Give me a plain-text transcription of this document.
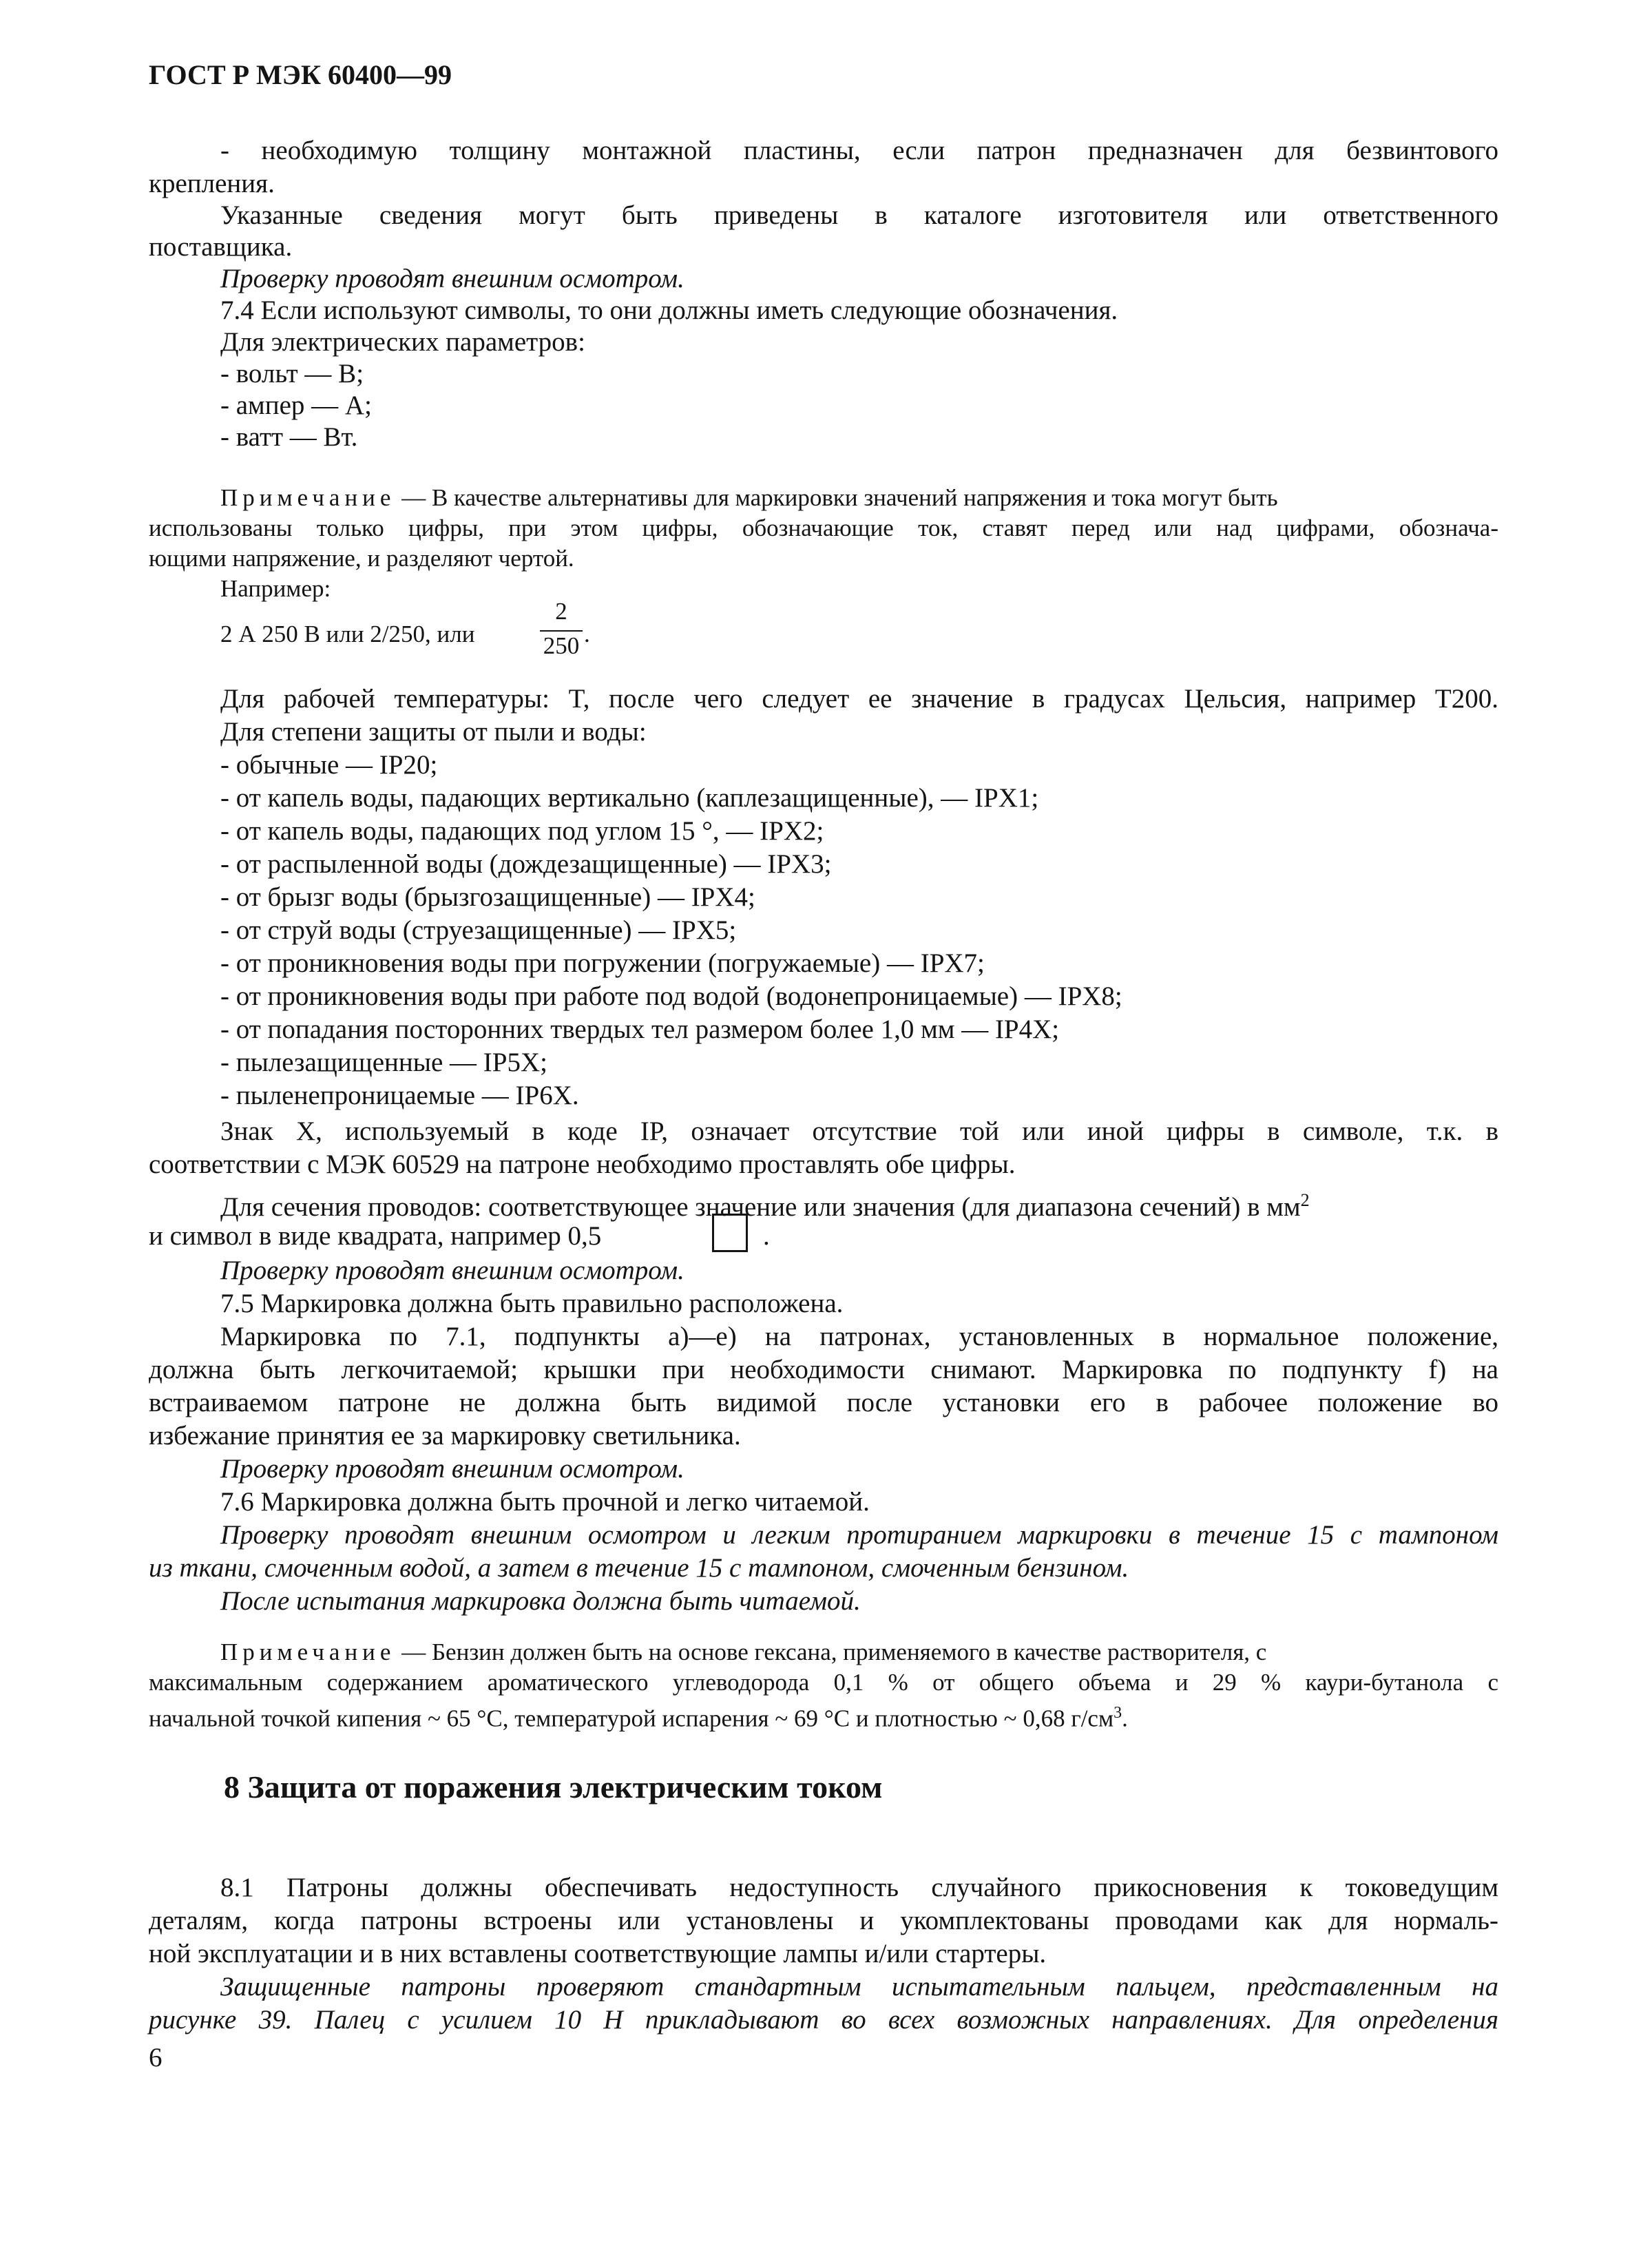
ГОСТ Р МЭК 60400—99
- необходимую толщину монтажной пластины, если патрон предназначен для безвинтового
крепления.
Указанные сведения могут быть приведены в каталоге изготовителя или ответственного
поставщика.
Проверку проводят внешним осмотром.
7.4 Если используют символы, то они должны иметь следующие обозначения.
Для электрических параметров:
- вольт — В;
- ампер — А;
- ватт — Вт.
Примечание — В качестве альтернативы для маркировки значений напряжения и тока могут быть
использованы только цифры, при этом цифры, обозначающие ток, ставят перед или над цифрами, обознача-
ющими напряжение, и разделяют чертой.
Например:
2 А 250 В или 2/250, или
2
250 .
Для рабочей температуры: T, после чего следует ее значение в градусах Цельсия, например T200.
Для степени защиты от пыли и воды:
- обычные — IP20;
- от капель воды, падающих вертикально (каплезащищенные), — IPX1;
- от капель воды, падающих под углом 15 °, — IPX2;
- от распыленной воды (дождезащищенные) — IPX3;
- от брызг воды (брызгозащищенные) — IPX4;
- от струй воды (струезащищенные) — IPX5;
- от проникновения воды при погружении (погружаемые) — IPX7;
- от проникновения воды при работе под водой (водонепроницаемые) — IPX8;
- от попадания посторонних твердых тел размером более 1,0 мм — IP4X;
- пылезащищенные — IP5X;
- пыленепроницаемые — IP6X.
Знак X, используемый в коде IP, означает отсутствие той или иной цифры в символе, т.к. в
соответствии с МЭК 60529 на патроне необходимо проставлять обе цифры.
Для сечения проводов: соответствующее значение или значения (для диапазона сечений) в $мм^2$
и символ в виде квадрата, например 0,5	.
Проверку проводят внешним осмотром.
7.5 Маркировка должна быть правильно расположена.
Маркировка по 7.1, подпункты а)—е) на патронах, установленных в нормальное положение,
должна быть легкочитаемой; крышки при необходимости снимают. Маркировка по подпункту f) на
встраиваемом патроне не должна быть видимой после установки его в рабочее положение во
избежание принятия ее за маркировку светильника.
Проверку проводят внешним осмотром.
7.6 Маркировка должна быть прочной и легко читаемой.
Проверку проводят внешним осмотром и легким протиранием маркировки в течение 15 с тампоном
из ткани, смоченным водой, а затем в течение 15 с тампоном, смоченным бензином.
После испытания маркировка должна быть читаемой.
Примечание — Бензин должен быть на основе гексана, применяемого в качестве растворителя, с
максимальным содержанием ароматического углеводорода 0,1 % от общего объема и 29 % каури-бутанола с
начальной точкой кипения ~ 65 °С, температурой испарения ~ 69 °С и плотностью ~ 0,68 $г/см^3$.
8 Защита от поражения электрическим током
8.1 Патроны должны обеспечивать недоступность случайного прикосновения к токоведущим
деталям, когда патроны встроены или установлены и укомплектованы проводами как для нормаль-
ной эксплуатации и в них вставлены соответствующие лампы и/или стартеры.
Защищенные патроны проверяют стандартным испытательным пальцем, представленным на
рисунке 39. Палец с усилием 10 Н прикладывают во всех возможных направлениях. Для определения
6
